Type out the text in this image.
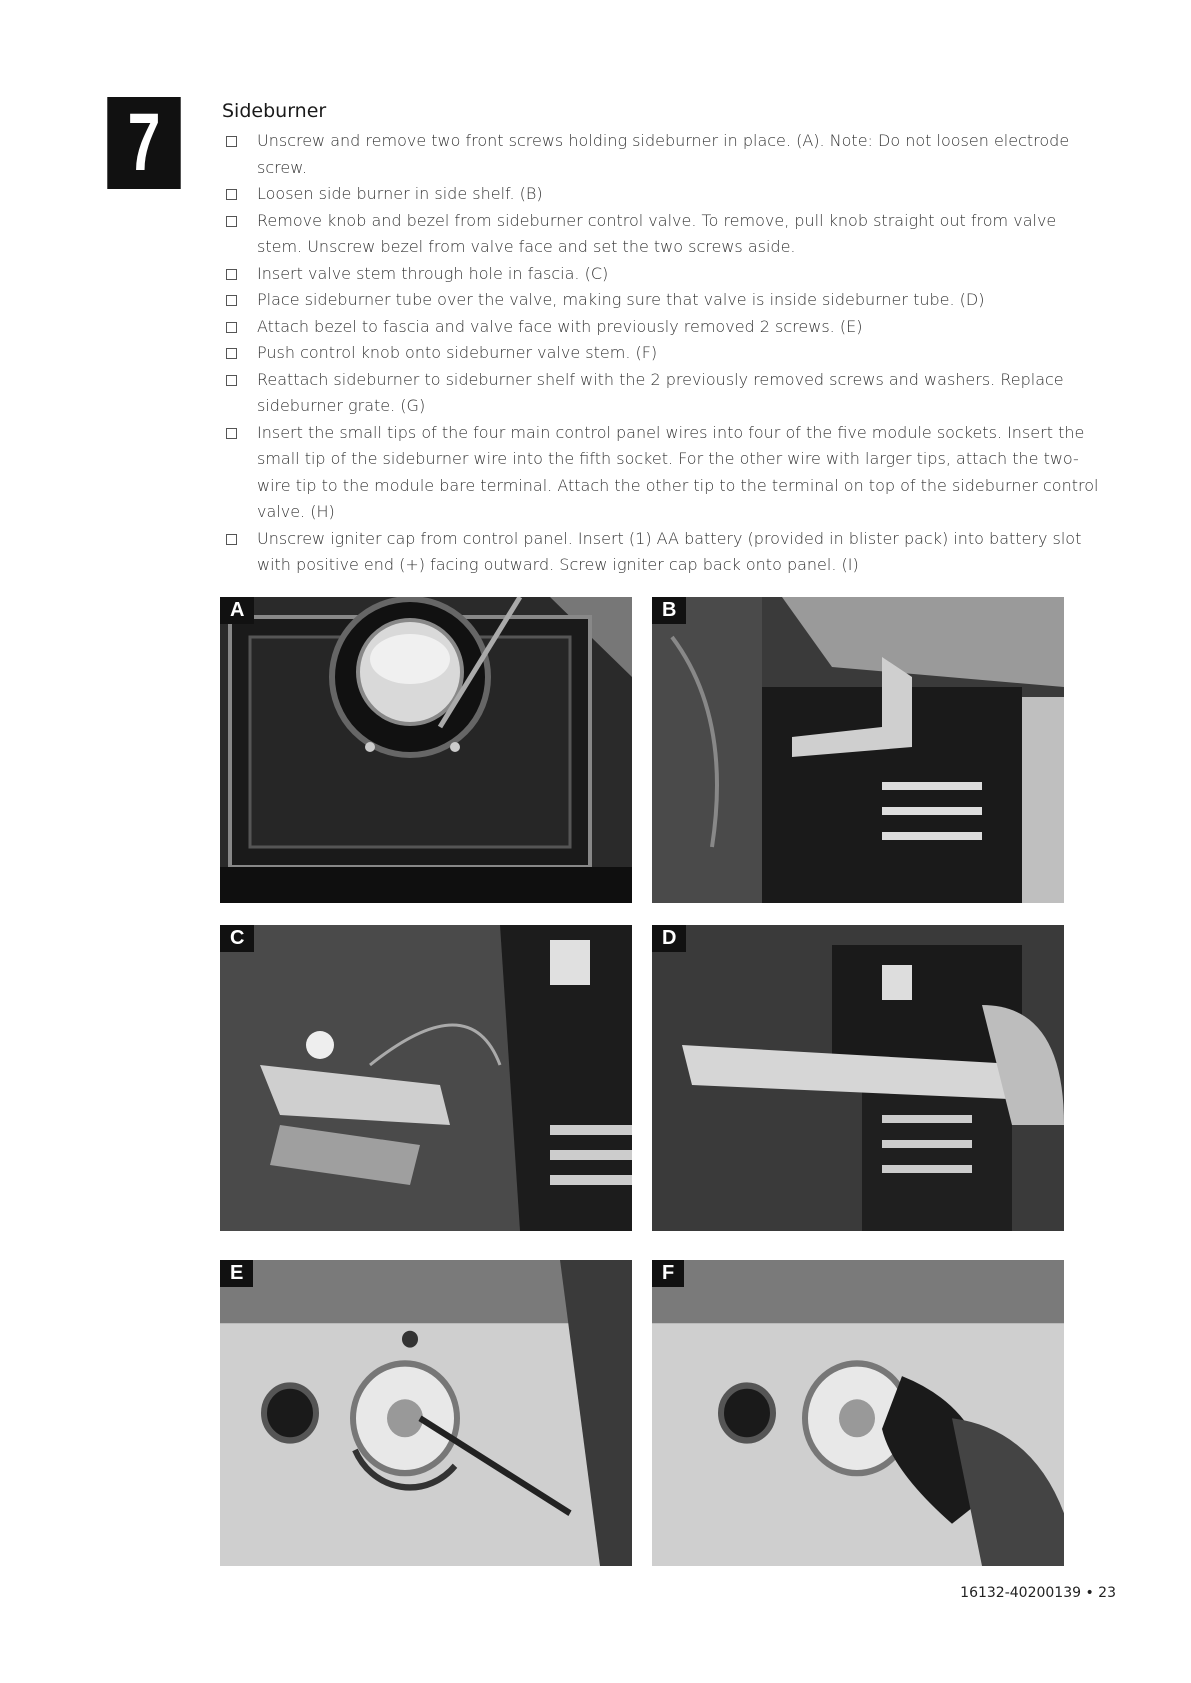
7	Sideburner
Unscrew and remove two front screws holding sideburner in place. (A). Note: Do not loosen electrode screw.
Loosen side burner in side shelf. (B)
Remove knob and bezel from sideburner control valve. To remove, pull knob straight out from valve stem. Unscrew bezel from valve face and set the two screws aside.
Insert valve stem through hole in fascia. (C)
Place sideburner tube over the valve, making sure that valve is inside sideburner tube. (D)
Attach bezel to fascia and valve face with previously removed 2 screws. (E)
Push control knob onto sideburner valve stem. (F)
Reattach sideburner to sideburner shelf with the 2 previously removed screws and washers. Replace sideburner grate. (G)
Insert the small tips of the four main control panel wires into four of the five module sockets. Insert the small tip of the sideburner wire into the fifth socket. For the other wire with larger tips, attach the two-wire tip to the module bare terminal. Attach the other tip to the terminal on top of the sideburner control valve. (H)
Unscrew igniter cap from control panel. Insert (1) AA battery (provided in blister pack) into battery slot with positive end (+) facing outward. Screw igniter cap back onto panel. (I)
A	B
C	D
E	F
16132-40200139 • 23
